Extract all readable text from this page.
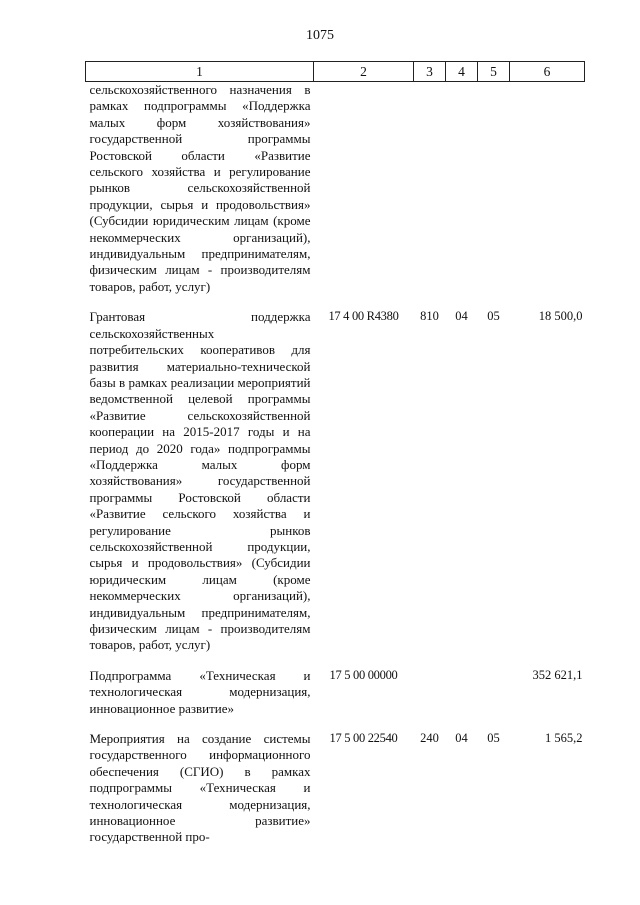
1075
1	2	3	4	5	6
сельскохозяйственного назначения в рамках подпрограммы «Поддержка малых форм хозяйствования» государственной программы Ростовской области «Развитие сельского хозяйства и регулирование рынков сельскохозяйственной продукции, сырья и продовольствия» (Субсидии юридическим лицам (кроме некоммерческих организаций), индивидуальным предпринимателям, физическим лицам - производителям товаров, работ, услуг)					

Грантовая поддержка сельскохозяйственных потребительских кооперативов для развития материально-технической базы в рамках реализации мероприятий ведомственной целевой программы «Развитие сельскохозяйственной кооперации на 2015-2017 годы и на период до 2020 года» подпрограммы «Поддержка малых форм хозяйствования» государственной программы Ростовской области «Развитие сельского хозяйства и регулирование рынков сельскохозяйственной продукции, сырья и продовольствия» (Субсидии юридическим лицам (кроме некоммерческих организаций), индивидуальным предпринимателям, физическим лицам - производителям товаров, работ, услуг)	17 4 00 R4380	810	04	05	18 500,0

Подпрограмма «Техническая и технологическая модернизация, инновационное развитие»	17 5 00 00000				352 621,1

Мероприятия на создание системы государственного информационного обеспечения (СГИО) в рамках подпрограммы «Техническая и технологическая модернизация, инновационное развитие» государственной про-	17 5 00 22540	240	04	05	1 565,2
